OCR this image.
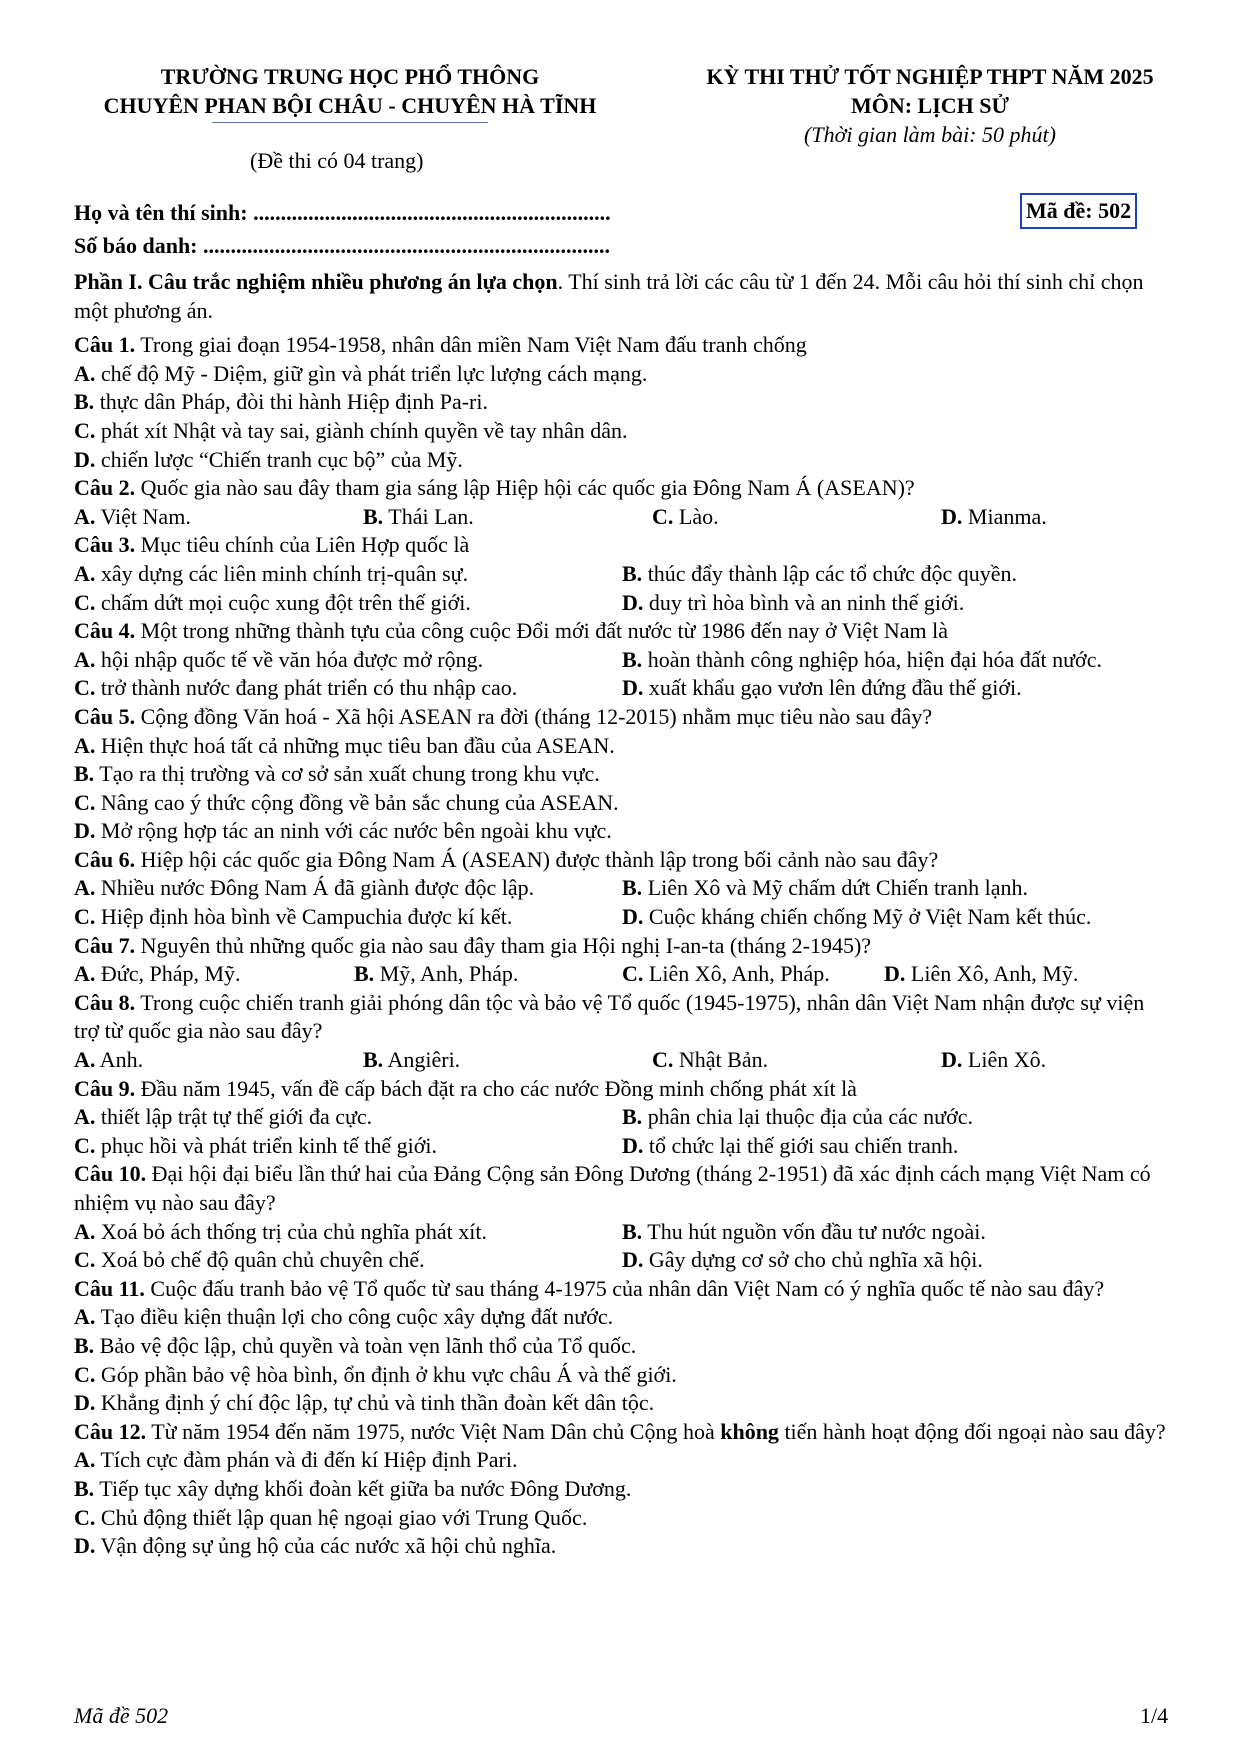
TRƯỜNG TRUNG HỌC PHỔ THÔNG
CHUYÊN PHAN BỘI CHÂU - CHUYÊN HÀ TĨNH
KỲ THI THỬ TỐT NGHIỆP THPT NĂM 2025
MÔN: LỊCH SỬ
(Thời gian làm bài: 50 phút)
(Đề thi có 04 trang)
Họ và tên thí sinh: .................................................................
Số báo danh: ..........................................................................
Mã đề: 502
Phần I. Câu trắc nghiệm nhiều phương án lựa chọn. Thí sinh trả lời các câu từ 1 đến 24. Mỗi câu hỏi thí sinh chỉ chọn một phương án.
Câu 1. Trong giai đoạn 1954-1958, nhân dân miền Nam Việt Nam đấu tranh chống
A. chế độ Mỹ - Diệm, giữ gìn và phát triển lực lượng cách mạng.
B. thực dân Pháp, đòi thi hành Hiệp định Pa-ri.
C. phát xít Nhật và tay sai, giành chính quyền về tay nhân dân.
D. chiến lược “Chiến tranh cục bộ” của Mỹ.
Câu 2. Quốc gia nào sau đây tham gia sáng lập Hiệp hội các quốc gia Đông Nam Á (ASEAN)?
A. Việt Nam.	B. Thái Lan.	C. Lào.	D. Mianma.
Câu 3. Mục tiêu chính của Liên Hợp quốc là
A. xây dựng các liên minh chính trị-quân sự.	B. thúc đẩy thành lập các tổ chức độc quyền.
C. chấm dứt mọi cuộc xung đột trên thế giới.	D. duy trì hòa bình và an ninh thế giới.
Câu 4. Một trong những thành tựu của công cuộc Đổi mới đất nước từ 1986 đến nay ở Việt Nam là
A. hội nhập quốc tế về văn hóa được mở rộng.	B. hoàn thành công nghiệp hóa, hiện đại hóa đất nước.
C. trở thành nước đang phát triển có thu nhập cao.	D. xuất khẩu gạo vươn lên đứng đầu thế giới.
Câu 5. Cộng đồng Văn hoá - Xã hội ASEAN ra đời (tháng 12-2015) nhằm mục tiêu nào sau đây?
A. Hiện thực hoá tất cả những mục tiêu ban đầu của ASEAN.
B. Tạo ra thị trường và cơ sở sản xuất chung trong khu vực.
C. Nâng cao ý thức cộng đồng về bản sắc chung của ASEAN.
D. Mở rộng hợp tác an ninh với các nước bên ngoài khu vực.
Câu 6. Hiệp hội các quốc gia Đông Nam Á (ASEAN) được thành lập trong bối cảnh nào sau đây?
A. Nhiều nước Đông Nam Á đã giành được độc lập.	B. Liên Xô và Mỹ chấm dứt Chiến tranh lạnh.
C. Hiệp định hòa bình về Campuchia được kí kết.	D. Cuộc kháng chiến chống Mỹ ở Việt Nam kết thúc.
Câu 7. Nguyên thủ những quốc gia nào sau đây tham gia Hội nghị I-an-ta (tháng 2-1945)?
A. Đức, Pháp, Mỹ.	B. Mỹ, Anh, Pháp.	C. Liên Xô, Anh, Pháp.	D. Liên Xô, Anh, Mỹ.
Câu 8. Trong cuộc chiến tranh giải phóng dân tộc và bảo vệ Tổ quốc (1945-1975), nhân dân Việt Nam nhận được sự viện trợ từ quốc gia nào sau đây?
A. Anh.	B. Angiêri.	C. Nhật Bản.	D. Liên Xô.
Câu 9. Đầu năm 1945, vấn đề cấp bách đặt ra cho các nước Đồng minh chống phát xít là
A. thiết lập trật tự thế giới đa cực.	B. phân chia lại thuộc địa của các nước.
C. phục hồi và phát triển kinh tế thế giới.	D. tổ chức lại thế giới sau chiến tranh.
Câu 10. Đại hội đại biểu lần thứ hai của Đảng Cộng sản Đông Dương (tháng 2-1951) đã xác định cách mạng Việt Nam có nhiệm vụ nào sau đây?
A. Xoá bỏ ách thống trị của chủ nghĩa phát xít.	B. Thu hút nguồn vốn đầu tư nước ngoài.
C. Xoá bỏ chế độ quân chủ chuyên chế.	D. Gây dựng cơ sở cho chủ nghĩa xã hội.
Câu 11. Cuộc đấu tranh bảo vệ Tổ quốc từ sau tháng 4-1975 của nhân dân Việt Nam có ý nghĩa quốc tế nào sau đây?
A. Tạo điều kiện thuận lợi cho công cuộc xây dựng đất nước.
B. Bảo vệ độc lập, chủ quyền và toàn vẹn lãnh thổ của Tổ quốc.
C. Góp phần bảo vệ hòa bình, ổn định ở khu vực châu Á và thế giới.
D. Khẳng định ý chí độc lập, tự chủ và tinh thần đoàn kết dân tộc.
Câu 12. Từ năm 1954 đến năm 1975, nước Việt Nam Dân chủ Cộng hoà không tiến hành hoạt động đối ngoại nào sau đây?
A. Tích cực đàm phán và đi đến kí Hiệp định Pari.
B. Tiếp tục xây dựng khối đoàn kết giữa ba nước Đông Dương.
C. Chủ động thiết lập quan hệ ngoại giao với Trung Quốc.
D. Vận động sự ủng hộ của các nước xã hội chủ nghĩa.
Mã đề 502	1/4
